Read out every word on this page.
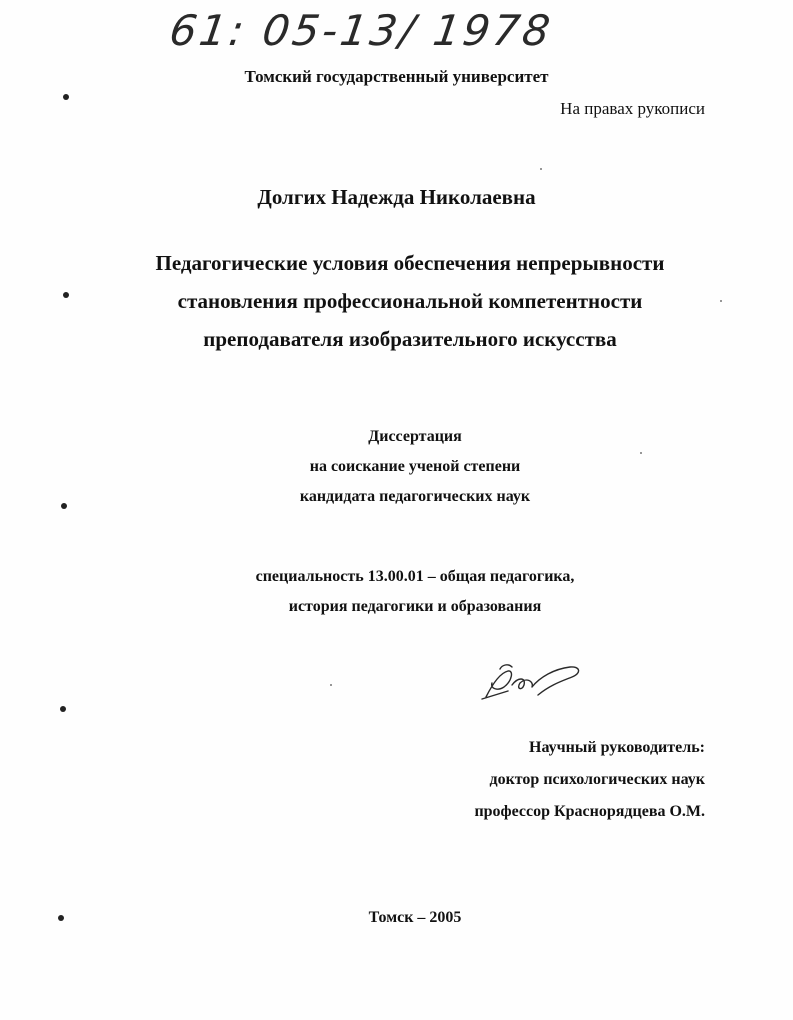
61: 05-13/ 1978
Томский государственный университет
На правах рукописи
Долгих Надежда Николаевна
Педагогические условия обеспечения непрерывности
становления профессиональной компетентности
преподавателя изобразительного искусства
Диссертация
на соискание ученой степени
кандидата педагогических наук
специальность 13.00.01 – общая педагогика,
история педагогики и образования
Научный руководитель:
доктор психологических наук
профессор Краснорядцева О.М.
Томск – 2005
